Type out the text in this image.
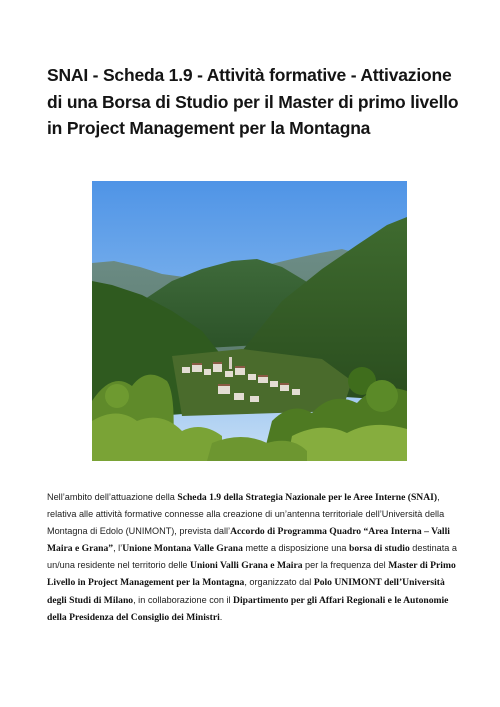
SNAI - Scheda 1.9 - Attività formative - Attivazione di una Borsa di Studio per il Master di primo livello in Project Management per la Montagna

Nell’ambito dell’attuazione della Scheda 1.9 della Strategia Nazionale per le Aree Interne (SNAI), relativa alle attività formative connesse alla creazione di un’antenna territoriale dell’Università della Montagna di Edolo (UNIMONT), prevista dall’Accordo di Programma Quadro “Area Interna – Valli Maira e Grana”, l’Unione Montana Valle Grana mette a disposizione una borsa di studio destinata a un/una residente nel territorio delle Unioni Valli Grana e Maira per la frequenza del Master di Primo Livello in Project Management per la Montagna, organizzato dal Polo UNIMONT dell’Università degli Studi di Milano, in collaborazione con il Dipartimento per gli Affari Regionali e le Autonomie della Presidenza del Consiglio dei Ministri.
